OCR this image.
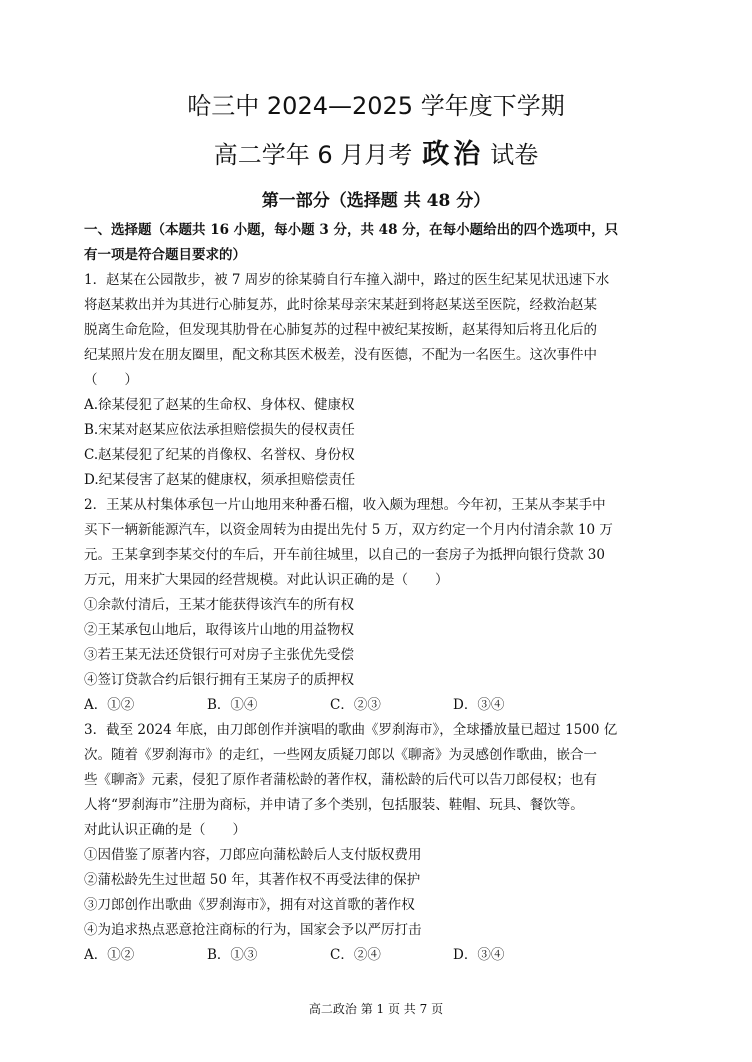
哈三中 2024—2025 学年度下学期
高二学年 6 月月考 政治 试卷
第一部分（选择题 共 48 分）
一、选择题（本题共 16 小题，每小题 3 分，共 48 分，在每小题给出的四个选项中，只
有一项是符合题目要求的）
1．赵某在公园散步，被 7 周岁的徐某骑自行车撞入湖中，路过的医生纪某见状迅速下水
将赵某救出并为其进行心肺复苏，此时徐某母亲宋某赶到将赵某送至医院，经救治赵某
脱离生命危险，但发现其肋骨在心肺复苏的过程中被纪某按断，赵某得知后将丑化后的
纪某照片发在朋友圈里，配文称其医术极差，没有医德，不配为一名医生。这次事件中
（　　）
A.徐某侵犯了赵某的生命权、身体权、健康权
B.宋某对赵某应依法承担赔偿损失的侵权责任
C.赵某侵犯了纪某的肖像权、名誉权、身份权
D.纪某侵害了赵某的健康权，须承担赔偿责任
2．王某从村集体承包一片山地用来种番石榴，收入颇为理想。今年初，王某从李某手中
买下一辆新能源汽车，以资金周转为由提出先付 5 万，双方约定一个月内付清余款 10 万
元。王某拿到李某交付的车后，开车前往城里，以自己的一套房子为抵押向银行贷款 30
万元，用来扩大果园的经营规模。对此认识正确的是（　　）
①余款付清后，王某才能获得该汽车的所有权
②王某承包山地后，取得该片山地的用益物权
③若王某无法还贷银行可对房子主张优先受偿
④签订贷款合约后银行拥有王某房子的质押权
A．①②	B．①④	C．②③	D．③④
3．截至 2024 年底，由刀郎创作并演唱的歌曲《罗刹海市》，全球播放量已超过 1500 亿
次。随着《罗刹海市》的走红，一些网友质疑刀郎以《聊斋》为灵感创作歌曲，嵌合一
些《聊斋》元素，侵犯了原作者蒲松龄的著作权，蒲松龄的后代可以告刀郎侵权；也有
人将“罗刹海市”注册为商标，并申请了多个类别，包括服装、鞋帽、玩具、餐饮等。
对此认识正确的是（　　）
①因借鉴了原著内容，刀郎应向蒲松龄后人支付版权费用
②蒲松龄先生过世超 50 年，其著作权不再受法律的保护
③刀郎创作出歌曲《罗刹海市》，拥有对这首歌的著作权
④为追求热点恶意抢注商标的行为，国家会予以严厉打击
A．①②	B．①③	C．②④	D．③④
高二政治 第 1 页 共 7 页
